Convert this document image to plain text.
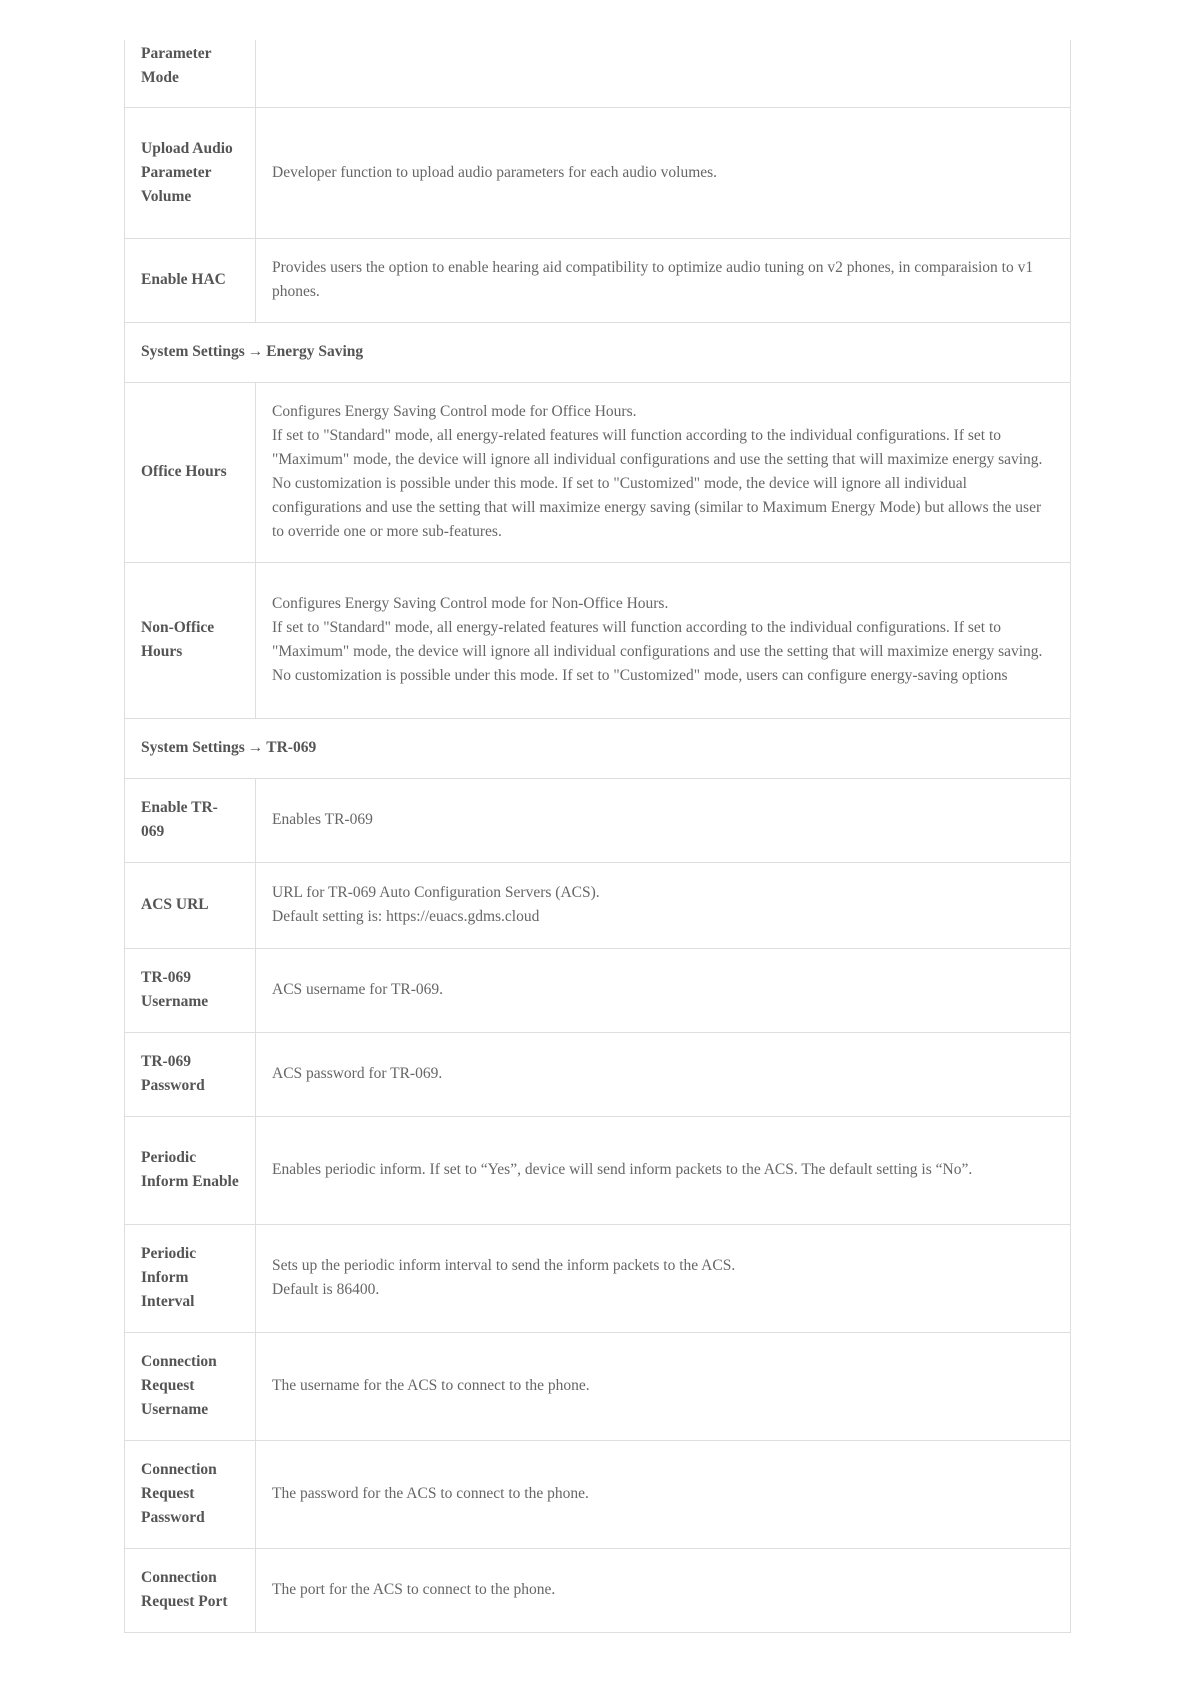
Parameter Mode	
Upload Audio Parameter Volume	Developer function to upload audio parameters for each audio volumes.
Enable HAC	Provides users the option to enable hearing aid compatibility to optimize audio tuning on v2 phones, in comparaision to v1 phones.
System Settings → Energy Saving	
Office Hours	Configures Energy Saving Control mode for Office Hours.
If set to "Standard" mode, all energy-related features will function according to the individual configurations. If set to "Maximum" mode, the device will ignore all individual configurations and use the setting that will maximize energy saving. No customization is possible under this mode. If set to "Customized" mode, the device will ignore all individual configurations and use the setting that will maximize energy saving (similar to Maximum Energy Mode) but allows the user to override one or more sub-features.

Non-Office Hours	Configures Energy Saving Control mode for Non-Office Hours.
If set to "Standard" mode, all energy-related features will function according to the individual configurations. If set to "Maximum" mode, the device will ignore all individual configurations and use the setting that will maximize energy saving. No customization is possible under this mode. If set to "Customized" mode, users can configure energy-saving options

System Settings → TR-069	
Enable TR-069	Enables TR-069

ACS URL	URL for TR-069 Auto Configuration Servers (ACS).
Default setting is: https://euacs.gdms.cloud

TR-069 Username	ACS username for TR-069.

TR-069 Password	ACS password for TR-069.

Periodic Inform Enable	Enables periodic inform. If set to “Yes”, device will send inform packets to the ACS. The default setting is “No”.

Periodic Inform Interval	Sets up the periodic inform interval to send the inform packets to the ACS.
Default is 86400.

Connection Request Username	The username for the ACS to connect to the phone.

Connection Request Password	The password for the ACS to connect to the phone.

Connection Request Port	The port for the ACS to connect to the phone.
